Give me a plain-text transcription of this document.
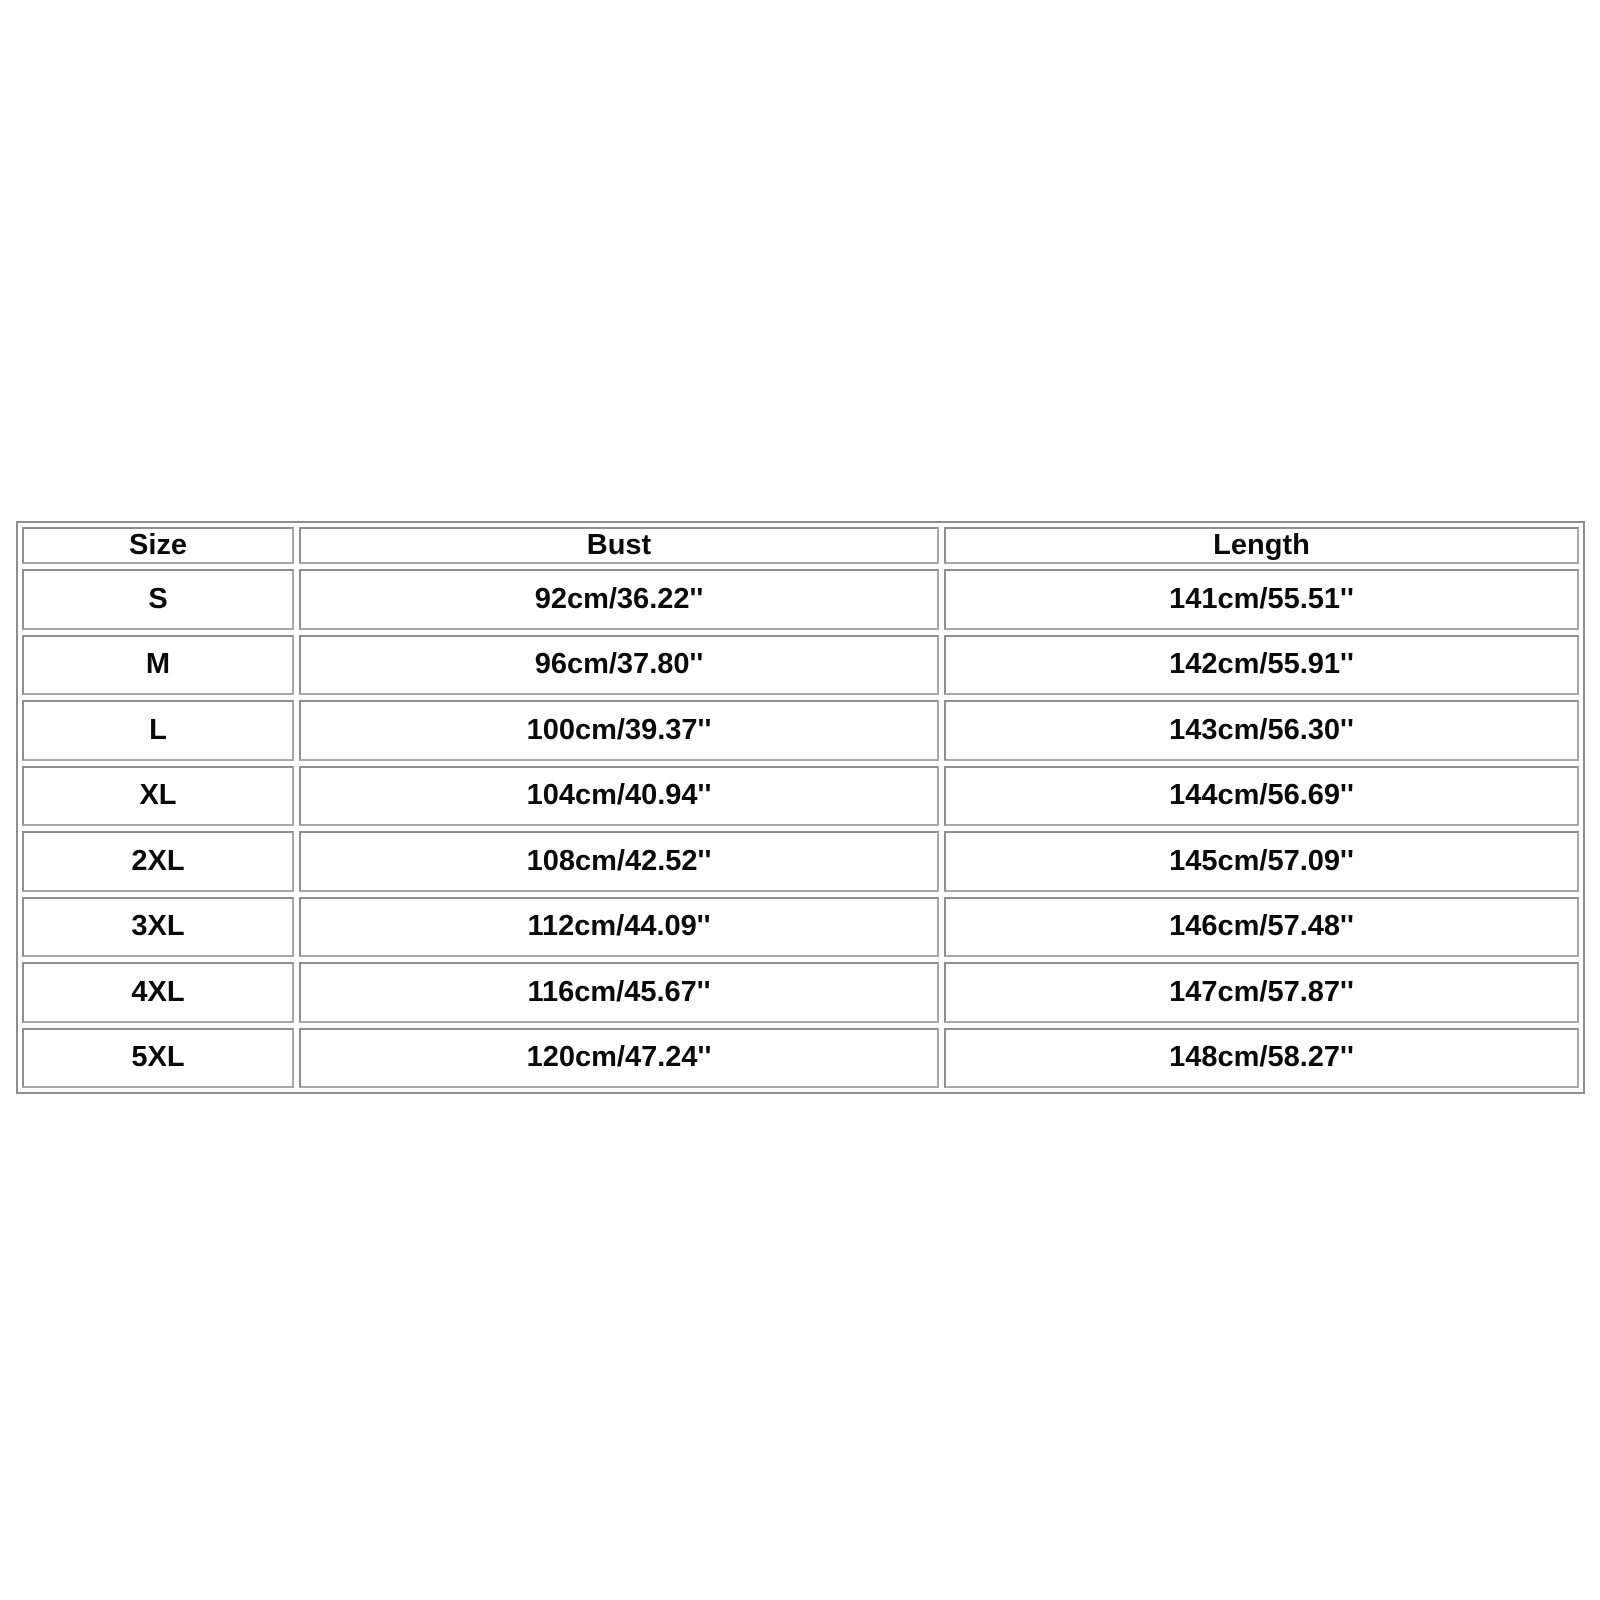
Size	Bust	Length
S	92cm/36.22''	141cm/55.51''
M	96cm/37.80''	142cm/55.91''
L	100cm/39.37''	143cm/56.30''
XL	104cm/40.94''	144cm/56.69''
2XL	108cm/42.52''	145cm/57.09''
3XL	112cm/44.09''	146cm/57.48''
4XL	116cm/45.67''	147cm/57.87''
5XL	120cm/47.24''	148cm/58.27''
